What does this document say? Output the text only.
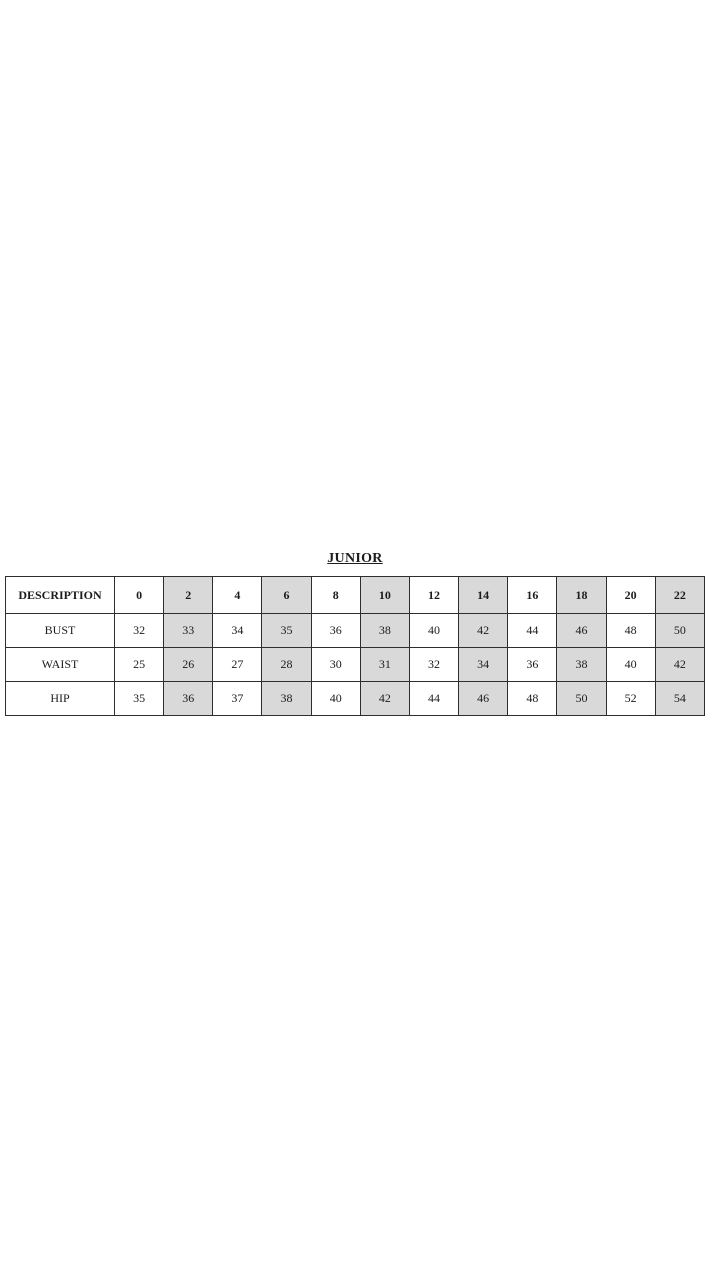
JUNIOR
DESCRIPTION	0	2	4	6	8	10	12	14	16	18	20	22
BUST	32	33	34	35	36	38	40	42	44	46	48	50
WAIST	25	26	27	28	30	31	32	34	36	38	40	42
HIP	35	36	37	38	40	42	44	46	48	50	52	54
